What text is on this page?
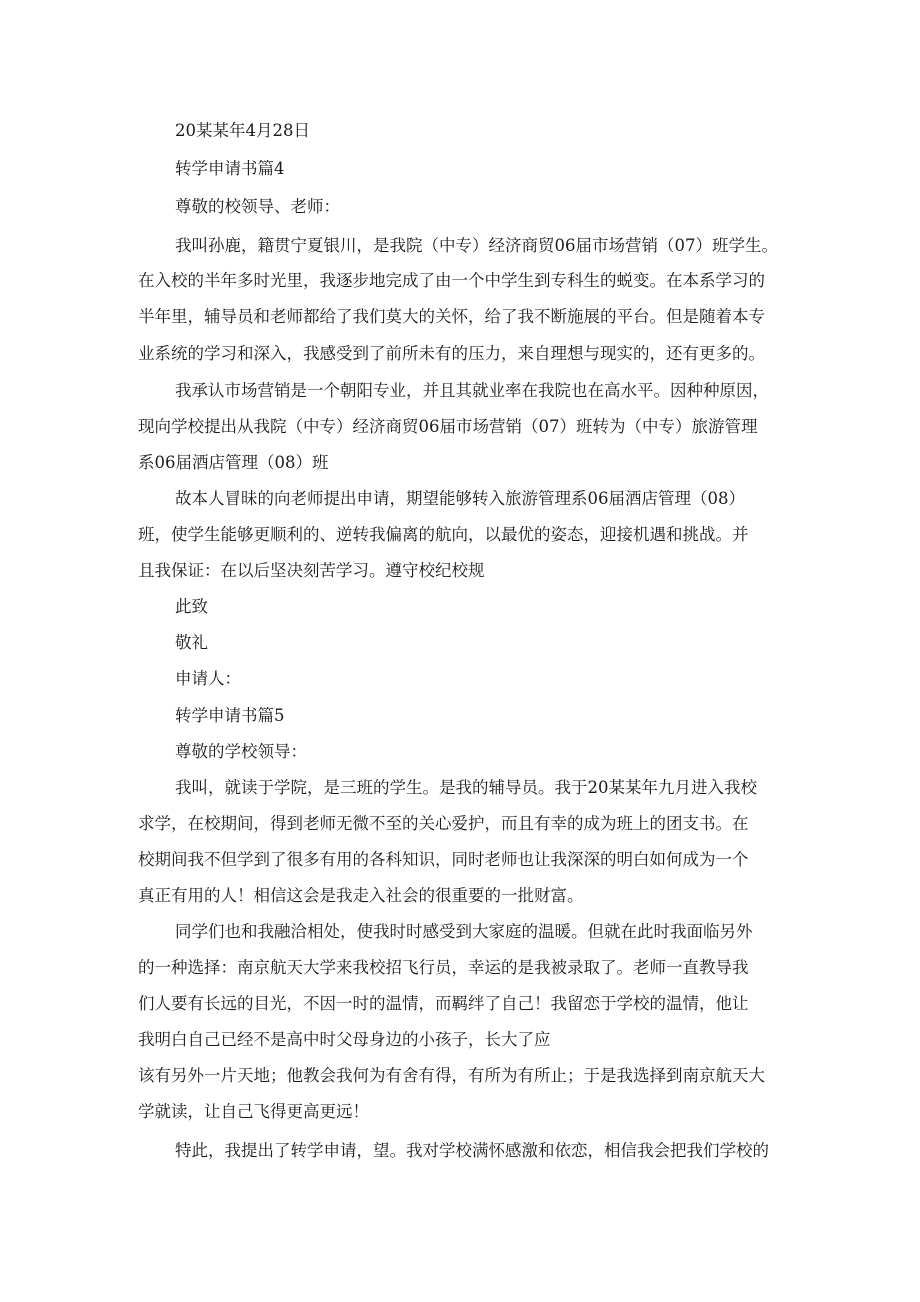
20某某年4月28日
转学申请书篇4
尊敬的校领导、老师：
我叫孙鹿，籍贯宁夏银川，是我院（中专）经济商贸06届市场营销（07）班学生。
在入校的半年多时光里，我逐步地完成了由一个中学生到专科生的蜕变。在本系学习的
半年里，辅导员和老师都给了我们莫大的关怀，给了我不断施展的平台。但是随着本专
业系统的学习和深入，我感受到了前所未有的压力，来自理想与现实的，还有更多的。
我承认市场营销是一个朝阳专业，并且其就业率在我院也在高水平。因种种原因，
现向学校提出从我院（中专）经济商贸06届市场营销（07）班转为（中专）旅游管理
系06届酒店管理（08）班
故本人冒昧的向老师提出申请，期望能够转入旅游管理系06届酒店管理（08）
班，使学生能够更顺利的、逆转我偏离的航向，以最优的姿态，迎接机遇和挑战。并
且我保证：在以后坚决刻苦学习。遵守校纪校规
此致
敬礼
申请人：
转学申请书篇5
尊敬的学校领导：
我叫，就读于学院，是三班的学生。是我的辅导员。我于20某某年九月进入我校
求学，在校期间，得到老师无微不至的关心爱护，而且有幸的成为班上的团支书。在
校期间我不但学到了很多有用的各科知识，同时老师也让我深深的明白如何成为一个
真正有用的人！相信这会是我走入社会的很重要的一批财富。
同学们也和我融洽相处，使我时时感受到大家庭的温暖。但就在此时我面临另外
的一种选择：南京航天大学来我校招飞行员，幸运的是我被录取了。老师一直教导我
们人要有长远的目光，不因一时的温情，而羁绊了自己！我留恋于学校的温情，他让
我明白自己已经不是高中时父母身边的小孩子，长大了应
该有另外一片天地；他教会我何为有舍有得，有所为有所止；于是我选择到南京航天大
学就读，让自己飞得更高更远！
特此，我提出了转学申请，望。我对学校满怀感激和依恋，相信我会把我们学校的
